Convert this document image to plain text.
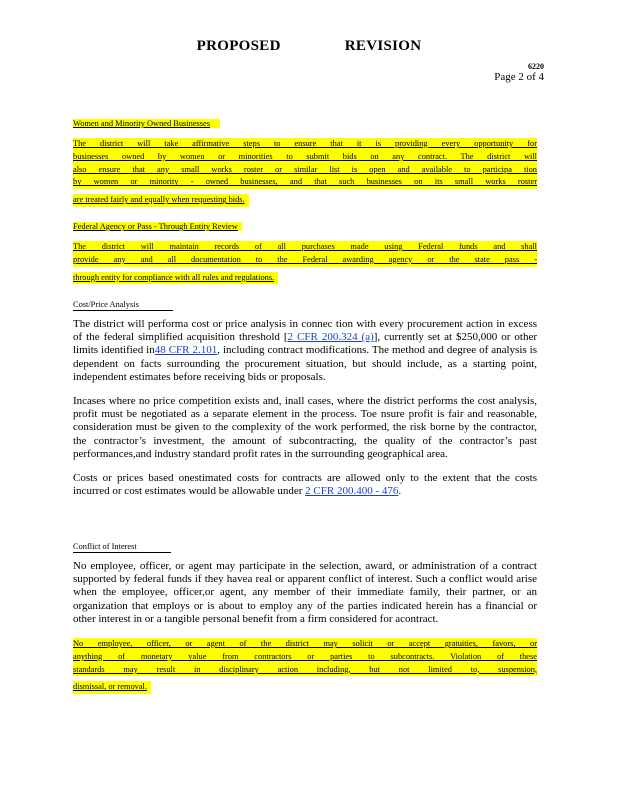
PROPOSED REVISION
6220
Page 2 of 4
Women and Minority Owned Businesses
The district will take affirmative steps to ensure that it is providing every opportunity for
businesses owned by women or minorities to submit bids on any contract. The district will
also ensure that any small works roster or similar list is open and available to participa tion
by women or minority - owned businesses, and that such businesses on its small works roster
are treated fairly and equally when requesting bids.
Federal Agency or Pass - Through Entity Review
The district will maintain records of all purchases made using Federal funds and shall
provide any and all documentation to the Federal awarding agency or the state pass -
through entity for compliance with all rules and regulations.
Cost/Price Analysis

The district will performa cost or price analysis in connec tion with every procurement action in excess of the federal simplified acquisition threshold [2 CFR 200.324 (a)], currently set at $250,000 or other limits identified in48 CFR 2.101, including contract modifications. The method and degree of analysis is dependent on facts surrounding the procurement situation, but should include, as a starting point, independent estimates before receiving bids or proposals.

Incases where no price competition exists and, inall cases, where the district performs the cost analysis, profit must be negotiated as a separate element in the process. Toe nsure profit is fair and reasonable, consideration must be given to the complexity of the work performed, the risk borne by the contractor, the contractor’s investment, the amount of subcontracting, the quality of the contractor’s past performances,and industry standard profit rates in the surrounding geographical area.

Costs or prices based onestimated costs for contracts are allowed only to the extent that the costs incurred or cost estimates would be allowable under 2 CFR 200.400 - 476.

Conflict of Interest

No employee, officer, or agent may participate in the selection, award, or administration of a contract supported by federal funds if they havea real or apparent conflict of interest. Such a conflict would arise when the employee, officer,or agent, any member of their immediate family, their partner, or an organization that employs or is about to employ any of the parties indicated herein has a financial or other interest in or a tangible personal benefit from a firm considered for acontract.

No employee, officer, or agent of the district may solicit or accept gratuities, favors, or
anything of monetary value from contractors or parties to subcontracts. Violation of these
standards may result in disciplinary action including, but not limited to, suspension,
dismissal, or removal.
